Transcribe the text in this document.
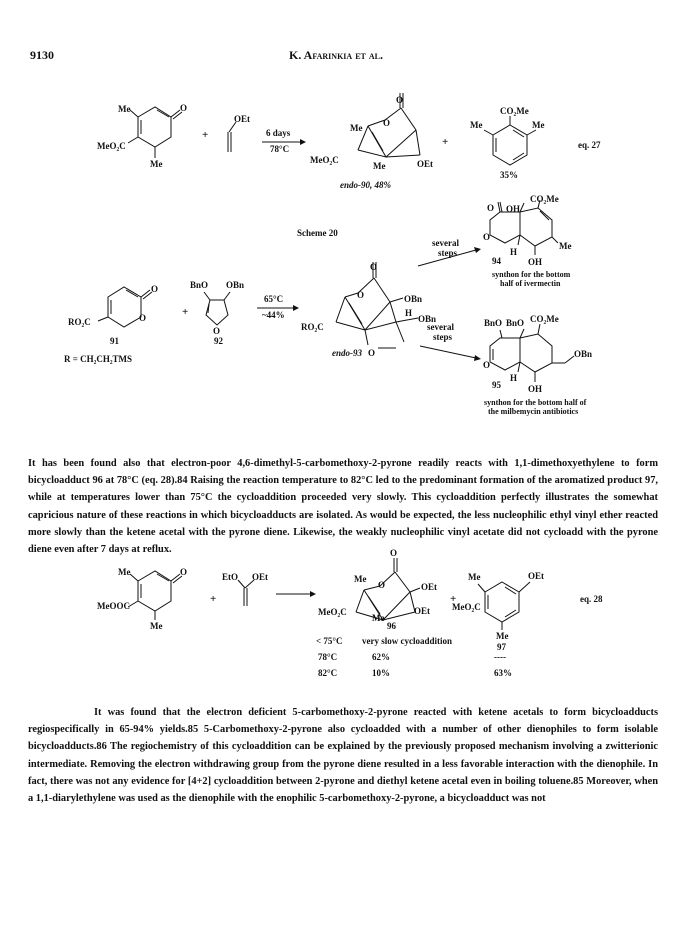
9130	K. Afarinkia et al.
Me	O
MeO₂C
Me
+
OEt
6 days
78°C
O
Me O
MeO₂C
Me	OEt
endo-90, 48%
+
CO₂Me
Me	Me
35%
eq. 27
Scheme 20
O
RO₂C	O
91
R = CH₂CH₂TMS
+
BnO OBn
O
92
65°C
~44%
O
O
RO₂C
OBn
H
OBn
O
endo-93
several
steps
several
steps
O OH
CO₂Me
O
H
Me
OH
94
synthon for the bottom
half of ivermectin
BnO BnO CO₂Me
O
OBn
H
OH
95
synthon for the bottom half of
the milbemycin antibiotics
Me	O
MeOOC
Me
+
EtO OEt
O
Me
O	OEt
MeO₂C
Me
OEt
96
+
Me	OEt
MeO₂C
Me
97
eq. 28
< 75°C very slow cycloaddition
78°C	62%	----
82°C	10%	63%
It has been found also that electron-poor 4,6-dimethyl-5-carbomethoxy-2-pyrone readily reacts with 1,1-dimethoxyethylene to form bicycloadduct 96 at 78°C (eq. 28).84 Raising the reaction temperature to 82°C led to the predominant formation of the aromatized product 97, while at temperatures lower than 75°C the cycloaddition proceeded very slowly. This cycloaddition perfectly illustrates the somewhat capricious nature of these reactions in which bicycloadducts are isolated. As would be expected, the less nucleophilic ethyl vinyl ether reacted more slowly than the ketene acetal with the pyrone diene. Likewise, the weakly nucleophilic vinyl acetate did not cycloadd with the pyrone diene even after 7 days at reflux.
It was found that the electron deficient 5-carbomethoxy-2-pyrone reacted with ketene acetals to form bicycloadducts regiospecifically in 65-94% yields.85 5-Carbomethoxy-2-pyrone also cycloadded with a number of other dienophiles to form isolable bicycloadducts.86 The regiochemistry of this cycloaddition can be explained by the previously proposed mechanism involving a zwitterionic intermediate. Removing the electron withdrawing group from the pyrone diene resulted in a less favorable interaction with the dienophile. In fact, there was not any evidence for [4+2] cycloaddition between 2-pyrone and diethyl ketene acetal even in boiling toluene.85 Moreover, when a 1,1-diarylethylene was used as the dienophile with the enophilic 5-carbomethoxy-2-pyrone, a bicycloadduct was not
